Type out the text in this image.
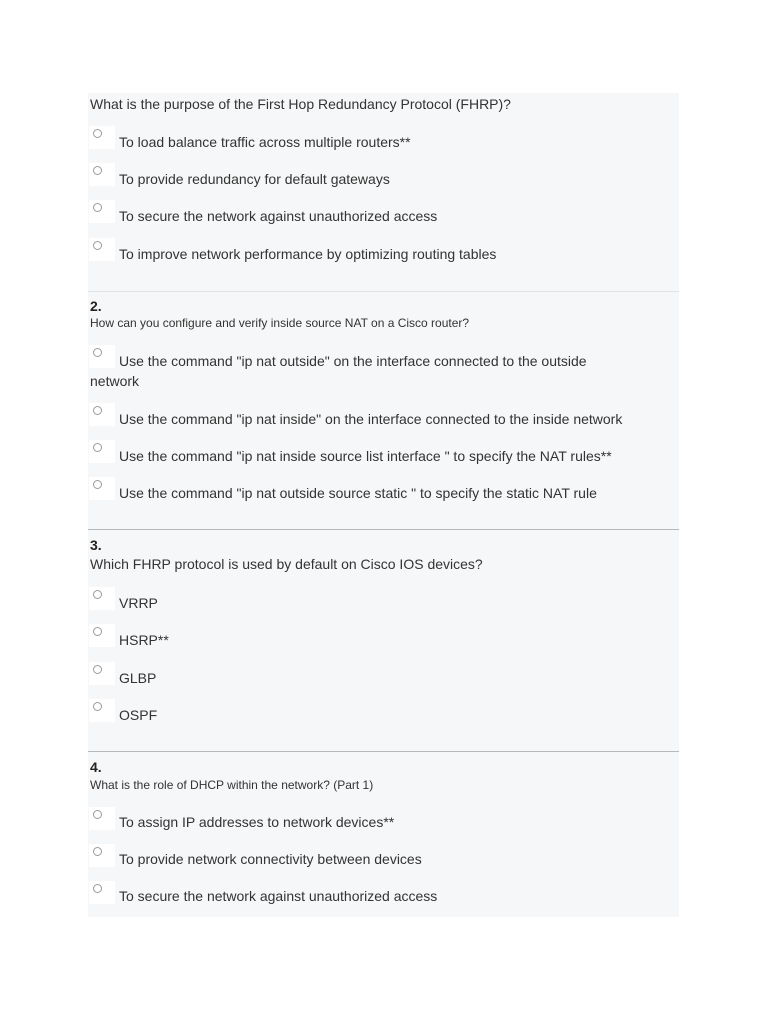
What is the purpose of the First Hop Redundancy Protocol (FHRP)?
To load balance traffic across multiple routers**
To provide redundancy for default gateways
To secure the network against unauthorized access
To improve network performance by optimizing routing tables
2.
How can you configure and verify inside source NAT on a Cisco router?
Use the command "ip nat outside" on the interface connected to the outside
network
Use the command "ip nat inside" on the interface connected to the inside network
Use the command "ip nat inside source list interface " to specify the NAT rules**
Use the command "ip nat outside source static " to specify the static NAT rule
3.
Which FHRP protocol is used by default on Cisco IOS devices?
VRRP
HSRP**
GLBP
OSPF
4.
What is the role of DHCP within the network? (Part 1)
To assign IP addresses to network devices**
To provide network connectivity between devices
To secure the network against unauthorized access
